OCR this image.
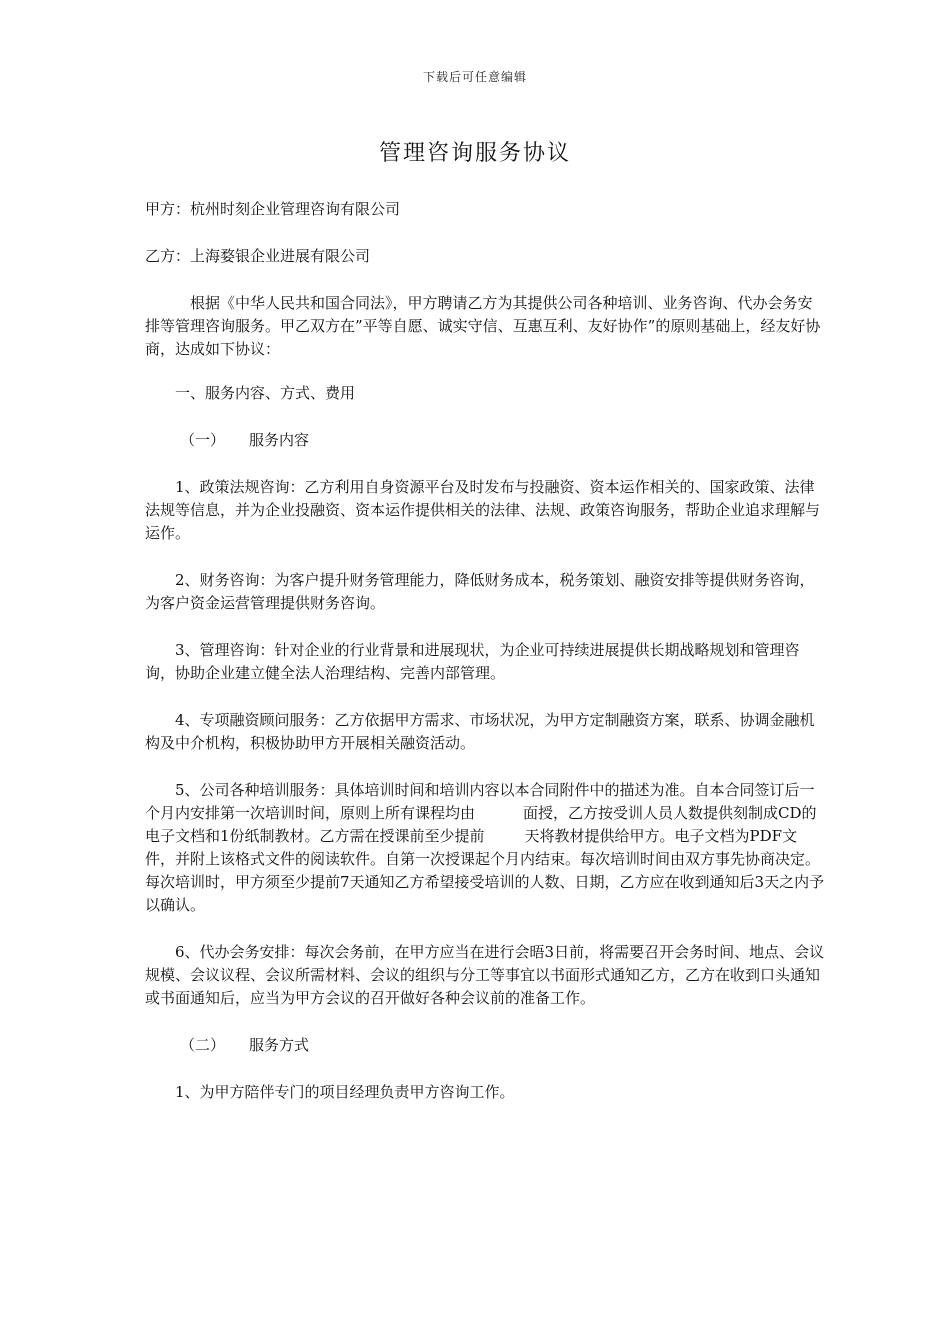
下载后可任意编辑
管理咨询服务协议

甲方：杭州时刻企业管理咨询有限公司

乙方：上海婺银企业进展有限公司

根据《中华人民共和国合同法》，甲方聘请乙方为其提供公司各种培训、业务咨询、代办会务安排等管理咨询服务。甲乙双方在”平等自愿、诚实守信、互惠互利、友好协作”的原则基础上，经友好协商，达成如下协议：

一、服务内容、方式、费用

（一） 服务内容

1、政策法规咨询：乙方利用自身资源平台及时发布与投融资、资本运作相关的、国家政策、法律法规等信息，并为企业投融资、资本运作提供相关的法律、法规、政策咨询服务，帮助企业追求理解与运作。

2、财务咨询：为客户提升财务管理能力，降低财务成本，税务策划、融资安排等提供财务咨询，为客户资金运营管理提供财务咨询。

3、管理咨询：针对企业的行业背景和进展现状，为企业可持续进展提供长期战略规划和管理咨询，协助企业建立健全法人治理结构、完善内部管理。

4、专项融资顾问服务：乙方依据甲方需求、市场状况，为甲方定制融资方案，联系、协调金融机构及中介机构，积极协助甲方开展相关融资活动。

5、公司各种培训服务：具体培训时间和培训内容以本合同附件中的描述为准。自本合同签订后一个月内安排第一次培训时间，原则上所有课程均由	面授，乙方按受训人员人数提供刻制成CD的电子文档和1份纸制教材。乙方需在授课前至少提前	天将教材提供给甲方。电子文档为PDF文件，并附上该格式文件的阅读软件。自第一次授课起个月内结束。每次培训时间由双方事先协商决定。每次培训时，甲方须至少提前7天通知乙方希望接受培训的人数、日期，乙方应在收到通知后3天之内予以确认。

6、代办会务安排：每次会务前，在甲方应当在进行会晤3日前，将需要召开会务时间、地点、会议规模、会议议程、会议所需材料、会议的组织与分工等事宜以书面形式通知乙方，乙方在收到口头通知或书面通知后，应当为甲方会议的召开做好各种会议前的准备工作。

（二） 服务方式

1、为甲方陪伴专门的项目经理负责甲方咨询工作。
